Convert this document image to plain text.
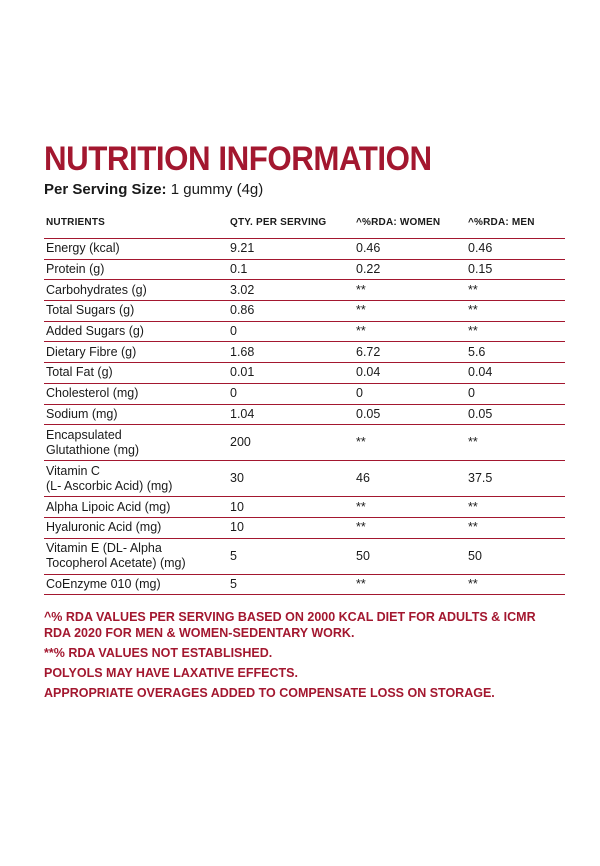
NUTRITION INFORMATION
Per Serving Size: 1 gummy (4g)
NUTRIENTS	QTY. PER SERVING	^%RDA: WOMEN	^%RDA: MEN
Energy (kcal)	9.21	0.46	0.46
Protein (g)	0.1	0.22	0.15
Carbohydrates (g)	3.02	**	**
Total Sugars (g)	0.86	**	**
Added Sugars (g)	0	**	**
Dietary Fibre (g)	1.68	6.72	5.6
Total Fat (g)	0.01	0.04	0.04
Cholesterol (mg)	0	0	0
Sodium (mg)	1.04	0.05	0.05
Encapsulated
Glutathione (mg)	200	**	**
Vitamin C
(L- Ascorbic Acid) (mg)	30	46	37.5
Alpha Lipoic Acid (mg)	10	**	**
Hyaluronic Acid (mg)	10	**	**
Vitamin E (DL- Alpha
Tocopherol Acetate) (mg)	5	50	50
CoEnzyme 010 (mg)	5	**	**

^% RDA VALUES PER SERVING BASED ON 2000 KCAL DIET FOR ADULTS & ICMR RDA 2020 FOR MEN & WOMEN-SEDENTARY WORK.

**% RDA VALUES NOT ESTABLISHED.

POLYOLS MAY HAVE LAXATIVE EFFECTS.

APPROPRIATE OVERAGES ADDED TO COMPENSATE LOSS ON STORAGE.
